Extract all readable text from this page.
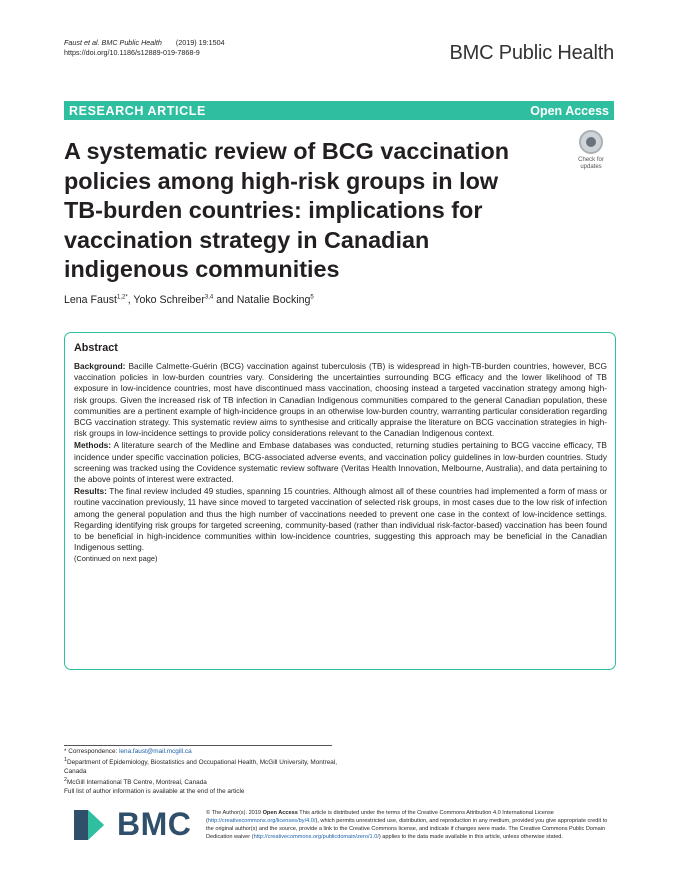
Faust et al. BMC Public Health (2019) 19:1504
https://doi.org/10.1186/s12889-019-7868-9	BMC Public Health
RESEARCH ARTICLE	Open Access
A systematic review of BCG vaccination policies among high-risk groups in low TB-burden countries: implications for vaccination strategy in Canadian indigenous communities
Check for
updates
Lena Faust$^{1,2*}$, Yoko Schreiber$^{3,4}$ and Natalie Bocking$^5$
Abstract

Background: Bacille Calmette-Guérin (BCG) vaccination against tuberculosis (TB) is widespread in high-TB-burden countries, however, BCG vaccination policies in low-burden countries vary. Considering the uncertainties surrounding BCG efficacy and the lower likelihood of TB exposure in low-incidence countries, most have discontinued mass vaccination, choosing instead a targeted vaccination strategy among high-risk groups. Given the increased risk of TB infection in Canadian Indigenous communities compared to the general Canadian population, these communities are a pertinent example of high-incidence groups in an otherwise low-burden country, warranting particular consideration regarding BCG vaccination strategy. This systematic review aims to synthesise and critically appraise the literature on BCG vaccination strategies in high-risk groups in low-incidence settings to provide policy considerations relevant to the Canadian Indigenous context.

Methods: A literature search of the Medline and Embase databases was conducted, returning studies pertaining to BCG vaccine efficacy, TB incidence under specific vaccination policies, BCG-associated adverse events, and vaccination policy guidelines in low-burden countries. Study screening was tracked using the Covidence systematic review software (Veritas Health Innovation, Melbourne, Australia), and data pertaining to the above points of interest were extracted.

Results: The final review included 49 studies, spanning 15 countries. Although almost all of these countries had implemented a form of mass or routine vaccination previously, 11 have since moved to targeted vaccination of selected risk groups, in most cases due to the low risk of infection among the general population and thus the high number of vaccinations needed to prevent one case in the context of low-incidence settings. Regarding identifying risk groups for targeted screening, community-based (rather than individual risk-factor-based) vaccination has been found to be beneficial in high-incidence communities within low-incidence countries, suggesting this approach may be beneficial in the Canadian Indigenous setting.

(Continued on next page)
* Correspondence: lena.faust@mail.mcgill.ca
$^1$Department of Epidemiology, Biostatistics and Occupational Health, McGill University, Montreal, Canada
$^2$McGill International TB Centre, Montreal, Canada
Full list of author information is available at the end of the article
BMC	© The Author(s). 2019 Open Access This article is distributed under the terms of the Creative Commons Attribution 4.0 International License (http://creativecommons.org/licenses/by/4.0/), which permits unrestricted use, distribution, and reproduction in any medium, provided you give appropriate credit to the original author(s) and the source, provide a link to the Creative Commons license, and indicate if changes were made. The Creative Commons Public Domain Dedication waiver (http://creativecommons.org/publicdomain/zero/1.0/) applies to the data made available in this article, unless otherwise stated.
